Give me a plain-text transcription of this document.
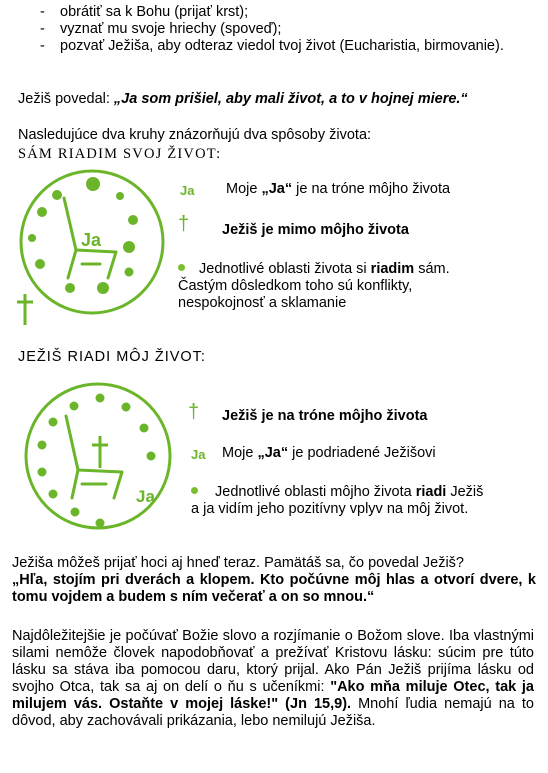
- obrátiť sa k Bohu (prijať krst);
- vyznať mu svoje hriechy (spoveď);
- pozvať Ježiša, aby odteraz viedol tvoj život (Eucharistia, birmovanie).
Ježiš povedal: „Ja som prišiel, aby mali život, a to v hojnej miere.“
Nasledujúce dva kruhy znázorňujú dva spôsoby života:
SÁM RIADIM SVOJ ŽIVOT:
Ja
Ja Moje „Ja“ je na tróne môjho života
† Ježiš je mimo môjho života
Jednotlivé oblasti života si riadim sám.
Častým dôsledkom toho sú konflikty,
nespokojnosť a sklamanie
JEŽIŠ RIADI MÔJ ŽIVOT:
Ja
† Ježiš je na tróne môjho života
Ja Moje „Ja“ je podriadené Ježišovi
Jednotlivé oblasti môjho života riadi Ježiš
a ja vidím jeho pozitívny vplyv na môj život.
Ježiša môžeš prijať hoci aj hneď teraz. Pamätáš sa, čo povedal Ježiš?
„Hľa, stojím pri dverách a klopem. Kto počúvne môj hlas a otvorí dvere, k tomu vojdem a budem s ním večerať a on so mnou.“
Najdôležitejšie je počúvať Božie slovo a rozjímanie o Božom slove. Iba vlastnými silami nemôže človek napodobňovať a prežívať Kristovu lásku: súcim pre túto lásku sa stáva iba pomocou daru, ktorý prijal. Ako Pán Ježiš prijíma lásku od svojho Otca, tak sa aj on delí o ňu s učeníkmi: "Ako mňa miluje Otec, tak ja milujem vás. Ostaňte v mojej láske!" (Jn 15,9). Mnohí ľudia nemajú na to dôvod, aby zachovávali prikázania, lebo nemilujú Ježiša.
